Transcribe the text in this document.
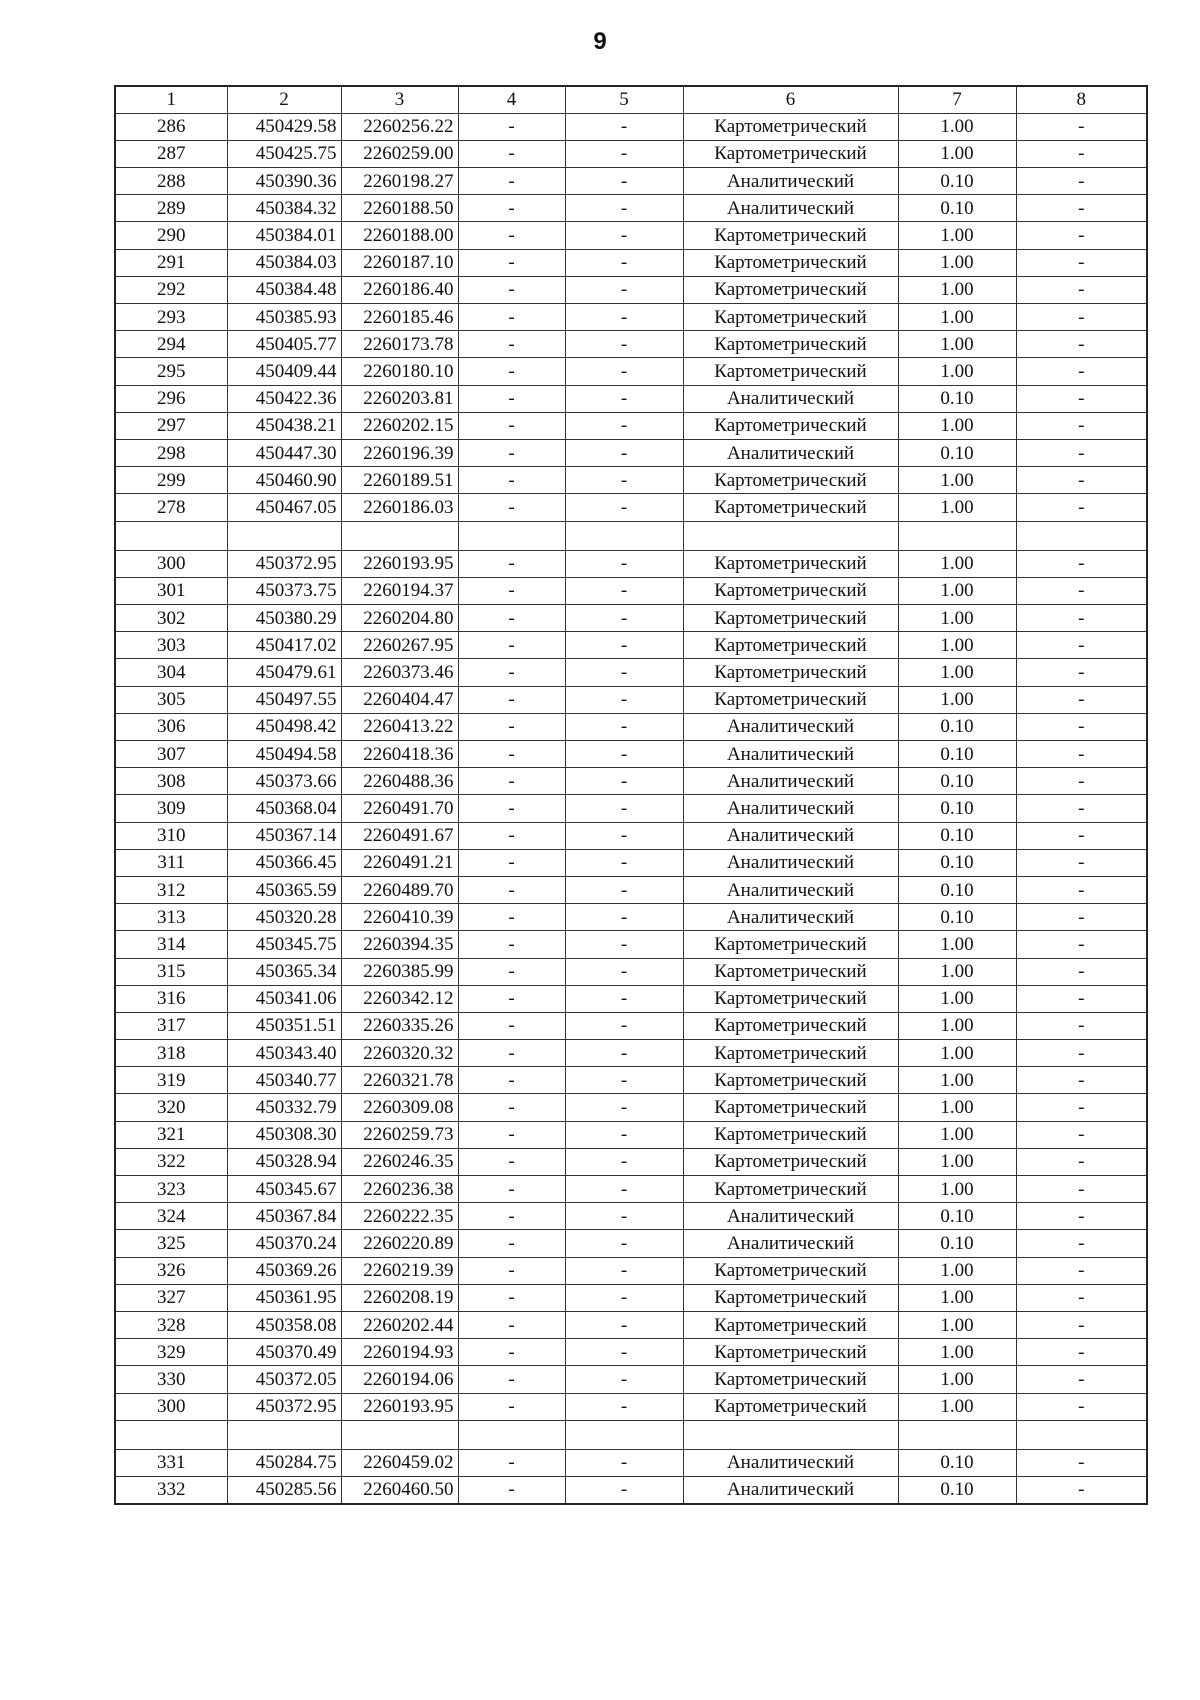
9
1	2	3	4	5	6	7	8
286	450429.58	2260256.22	-	-	Картометрический	1.00	-
287	450425.75	2260259.00	-	-	Картометрический	1.00	-
288	450390.36	2260198.27	-	-	Аналитический	0.10	-
289	450384.32	2260188.50	-	-	Аналитический	0.10	-
290	450384.01	2260188.00	-	-	Картометрический	1.00	-
291	450384.03	2260187.10	-	-	Картометрический	1.00	-
292	450384.48	2260186.40	-	-	Картометрический	1.00	-
293	450385.93	2260185.46	-	-	Картометрический	1.00	-
294	450405.77	2260173.78	-	-	Картометрический	1.00	-
295	450409.44	2260180.10	-	-	Картометрический	1.00	-
296	450422.36	2260203.81	-	-	Аналитический	0.10	-
297	450438.21	2260202.15	-	-	Картометрический	1.00	-
298	450447.30	2260196.39	-	-	Аналитический	0.10	-
299	450460.90	2260189.51	-	-	Картометрический	1.00	-
278	450467.05	2260186.03	-	-	Картометрический	1.00	-

300	450372.95	2260193.95	-	-	Картометрический	1.00	-
301	450373.75	2260194.37	-	-	Картометрический	1.00	-
302	450380.29	2260204.80	-	-	Картометрический	1.00	-
303	450417.02	2260267.95	-	-	Картометрический	1.00	-
304	450479.61	2260373.46	-	-	Картометрический	1.00	-
305	450497.55	2260404.47	-	-	Картометрический	1.00	-
306	450498.42	2260413.22	-	-	Аналитический	0.10	-
307	450494.58	2260418.36	-	-	Аналитический	0.10	-
308	450373.66	2260488.36	-	-	Аналитический	0.10	-
309	450368.04	2260491.70	-	-	Аналитический	0.10	-
310	450367.14	2260491.67	-	-	Аналитический	0.10	-
311	450366.45	2260491.21	-	-	Аналитический	0.10	-
312	450365.59	2260489.70	-	-	Аналитический	0.10	-
313	450320.28	2260410.39	-	-	Аналитический	0.10	-
314	450345.75	2260394.35	-	-	Картометрический	1.00	-
315	450365.34	2260385.99	-	-	Картометрический	1.00	-
316	450341.06	2260342.12	-	-	Картометрический	1.00	-
317	450351.51	2260335.26	-	-	Картометрический	1.00	-
318	450343.40	2260320.32	-	-	Картометрический	1.00	-
319	450340.77	2260321.78	-	-	Картометрический	1.00	-
320	450332.79	2260309.08	-	-	Картометрический	1.00	-
321	450308.30	2260259.73	-	-	Картометрический	1.00	-
322	450328.94	2260246.35	-	-	Картометрический	1.00	-
323	450345.67	2260236.38	-	-	Картометрический	1.00	-
324	450367.84	2260222.35	-	-	Аналитический	0.10	-
325	450370.24	2260220.89	-	-	Аналитический	0.10	-
326	450369.26	2260219.39	-	-	Картометрический	1.00	-
327	450361.95	2260208.19	-	-	Картометрический	1.00	-
328	450358.08	2260202.44	-	-	Картометрический	1.00	-
329	450370.49	2260194.93	-	-	Картометрический	1.00	-
330	450372.05	2260194.06	-	-	Картометрический	1.00	-
300	450372.95	2260193.95	-	-	Картометрический	1.00	-

331	450284.75	2260459.02	-	-	Аналитический	0.10	-
332	450285.56	2260460.50	-	-	Аналитический	0.10	-
